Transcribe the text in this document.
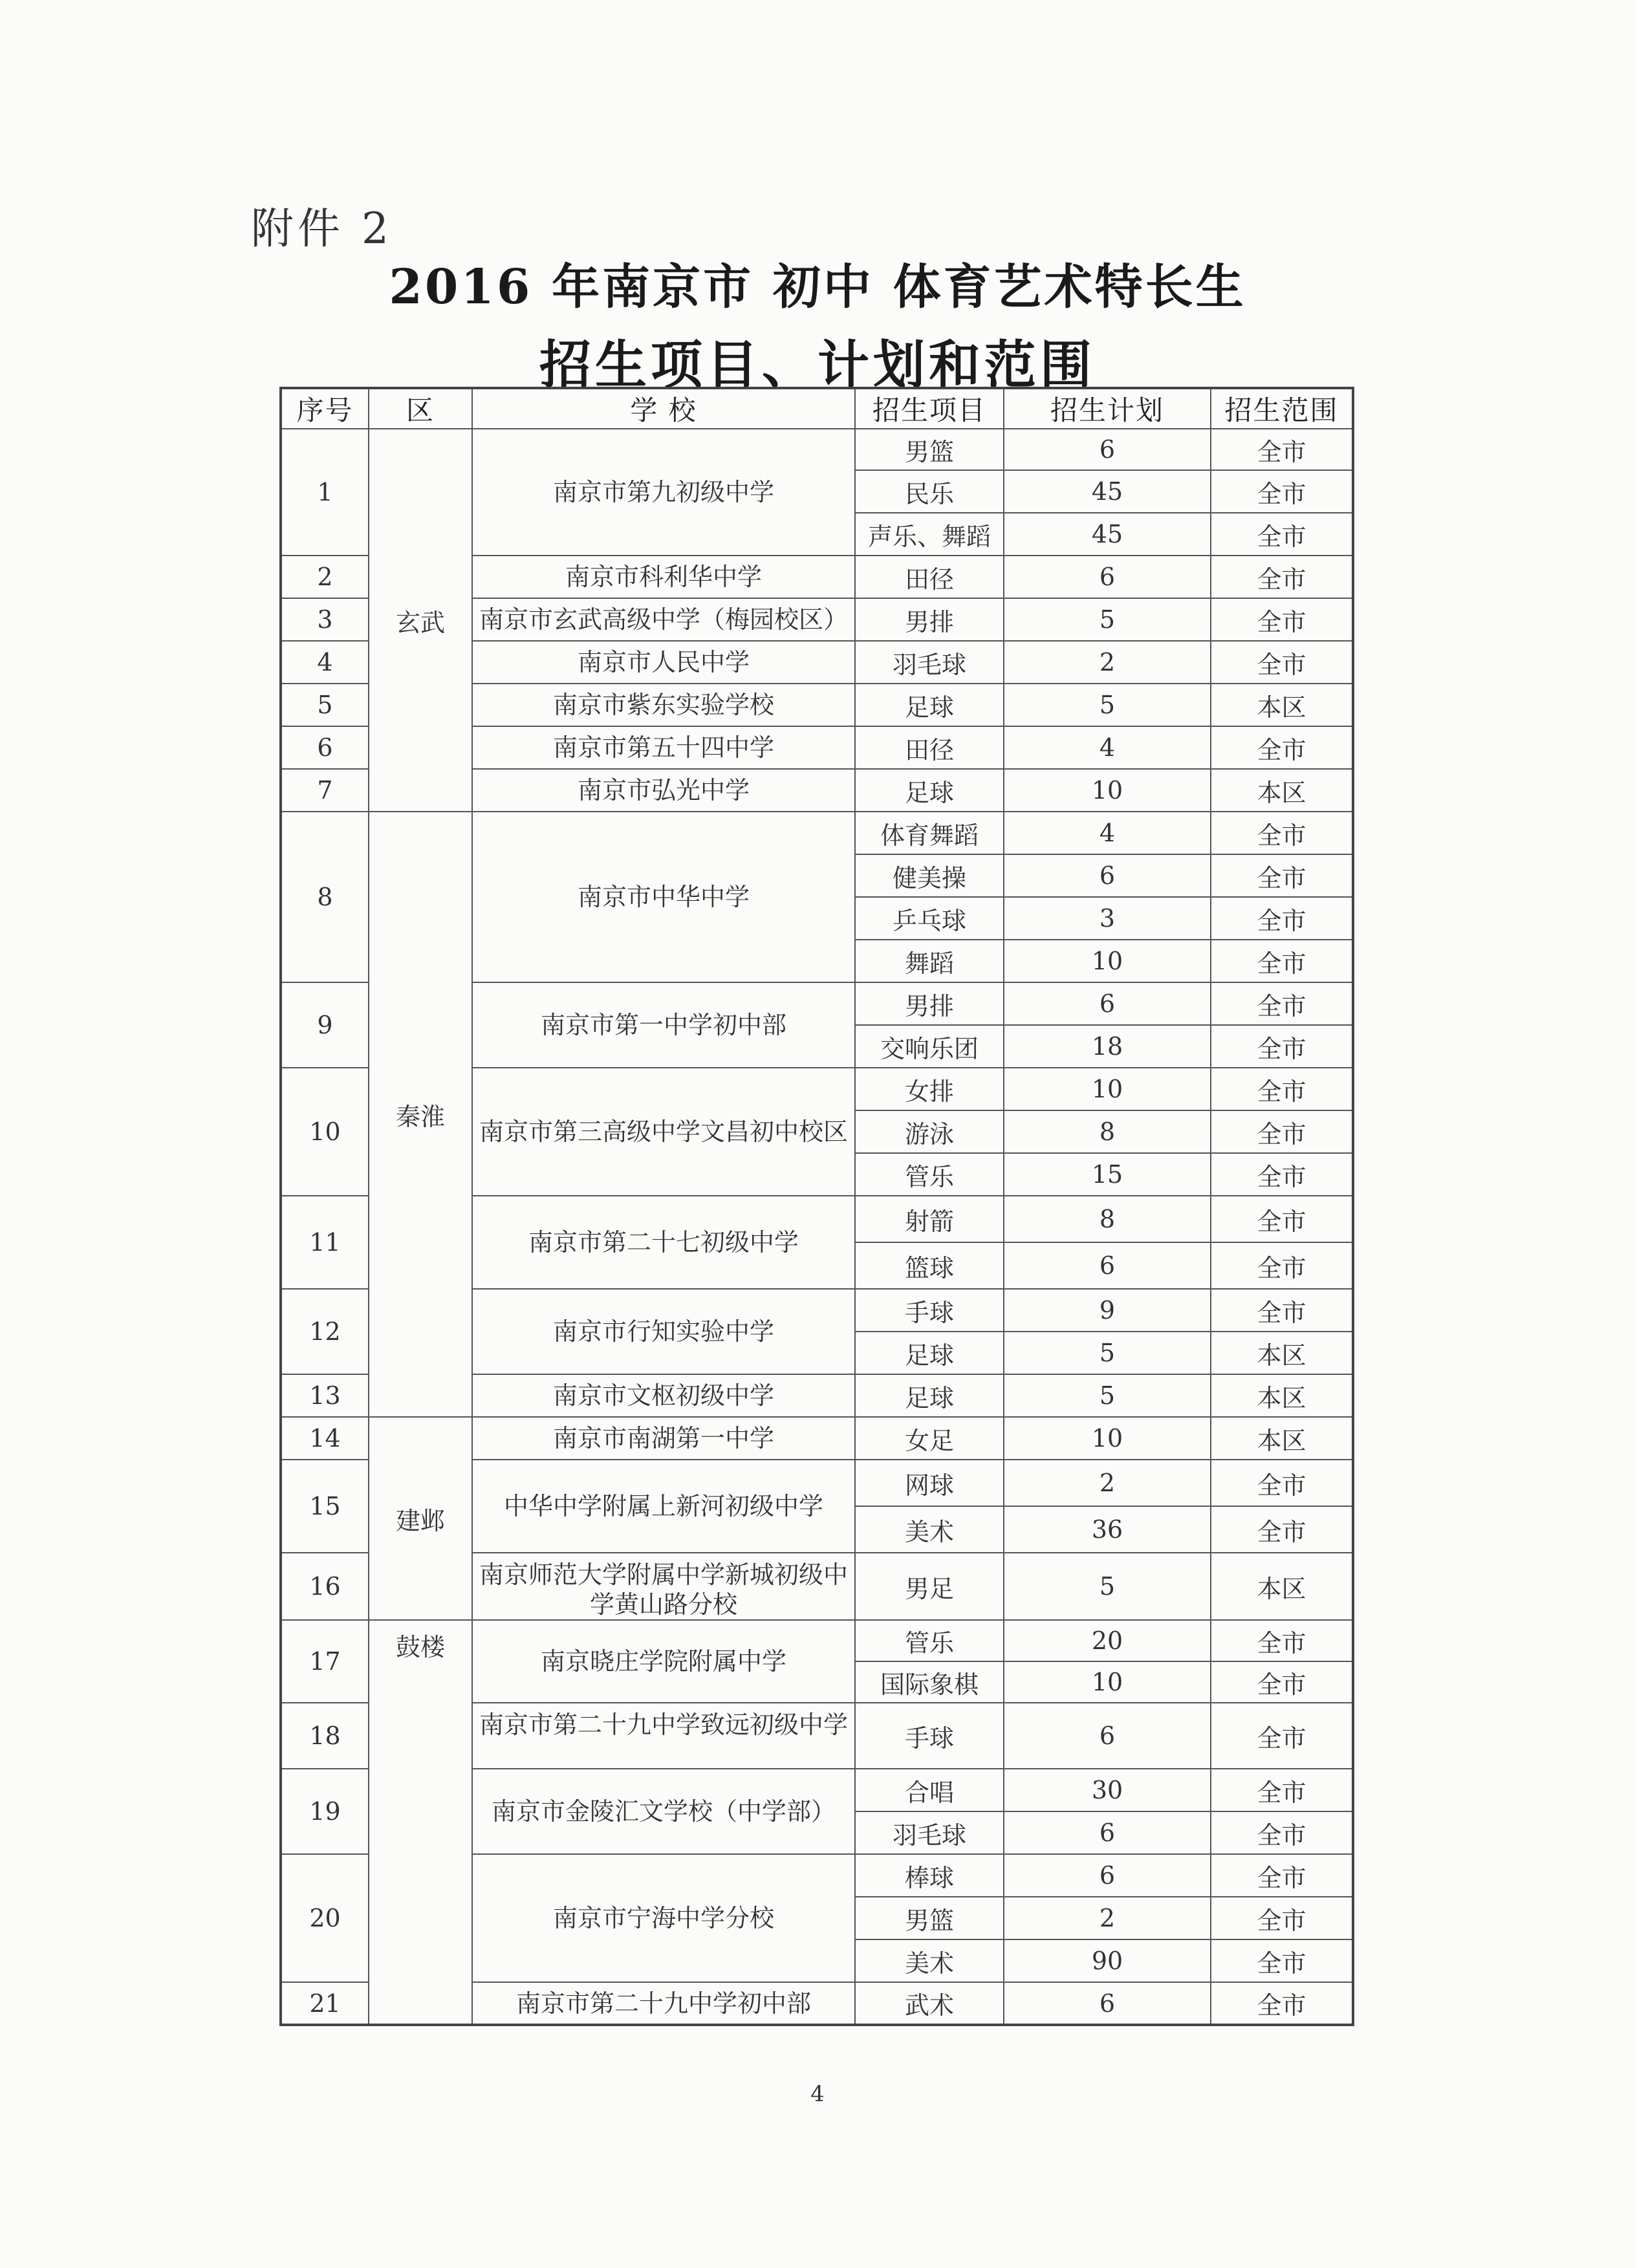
附件 2
2016 年南京市 初中 体育艺术特长生
招生项目、计划和范围
序号	区	学 校	招生项目	招生计划	招生范围
1	玄武	南京市第九初级中学	男篮	6	全市
			民乐	45	全市
			声乐、舞蹈	45	全市
2		南京市科利华中学	田径	6	全市
3		南京市玄武高级中学（梅园校区）	男排	5	全市
4		南京市人民中学	羽毛球	2	全市
5		南京市紫东实验学校	足球	5	本区
6		南京市第五十四中学	田径	4	全市
7		南京市弘光中学	足球	10	本区
8	秦淮	南京市中华中学	体育舞蹈	4	全市
			健美操	6	全市
			乒乓球	3	全市
			舞蹈	10	全市
9		南京市第一中学初中部	男排	6	全市
			交响乐团	18	全市
10		南京市第三高级中学文昌初中校区	女排	10	全市
			游泳	8	全市
			管乐	15	全市
11		南京市第二十七初级中学	射箭	8	全市
			篮球	6	全市
12		南京市行知实验中学	手球	9	全市
			足球	5	本区
13		南京市文枢初级中学	足球	5	本区
14	建邺	南京市南湖第一中学	女足	10	本区
15		中华中学附属上新河初级中学	网球	2	全市
			美术	36	全市
16		南京师范大学附属中学新城初级中学黄山路分校	男足	5	本区
17	鼓楼	南京晓庄学院附属中学	管乐	20	全市
			国际象棋	10	全市
18		南京市第二十九中学致远初级中学	手球	6	全市
19		南京市金陵汇文学校（中学部）	合唱	30	全市
			羽毛球	6	全市
20		南京市宁海中学分校	棒球	6	全市
			男篮	2	全市
			美术	90	全市
21		南京市第二十九中学初中部	武术	6	全市
4
